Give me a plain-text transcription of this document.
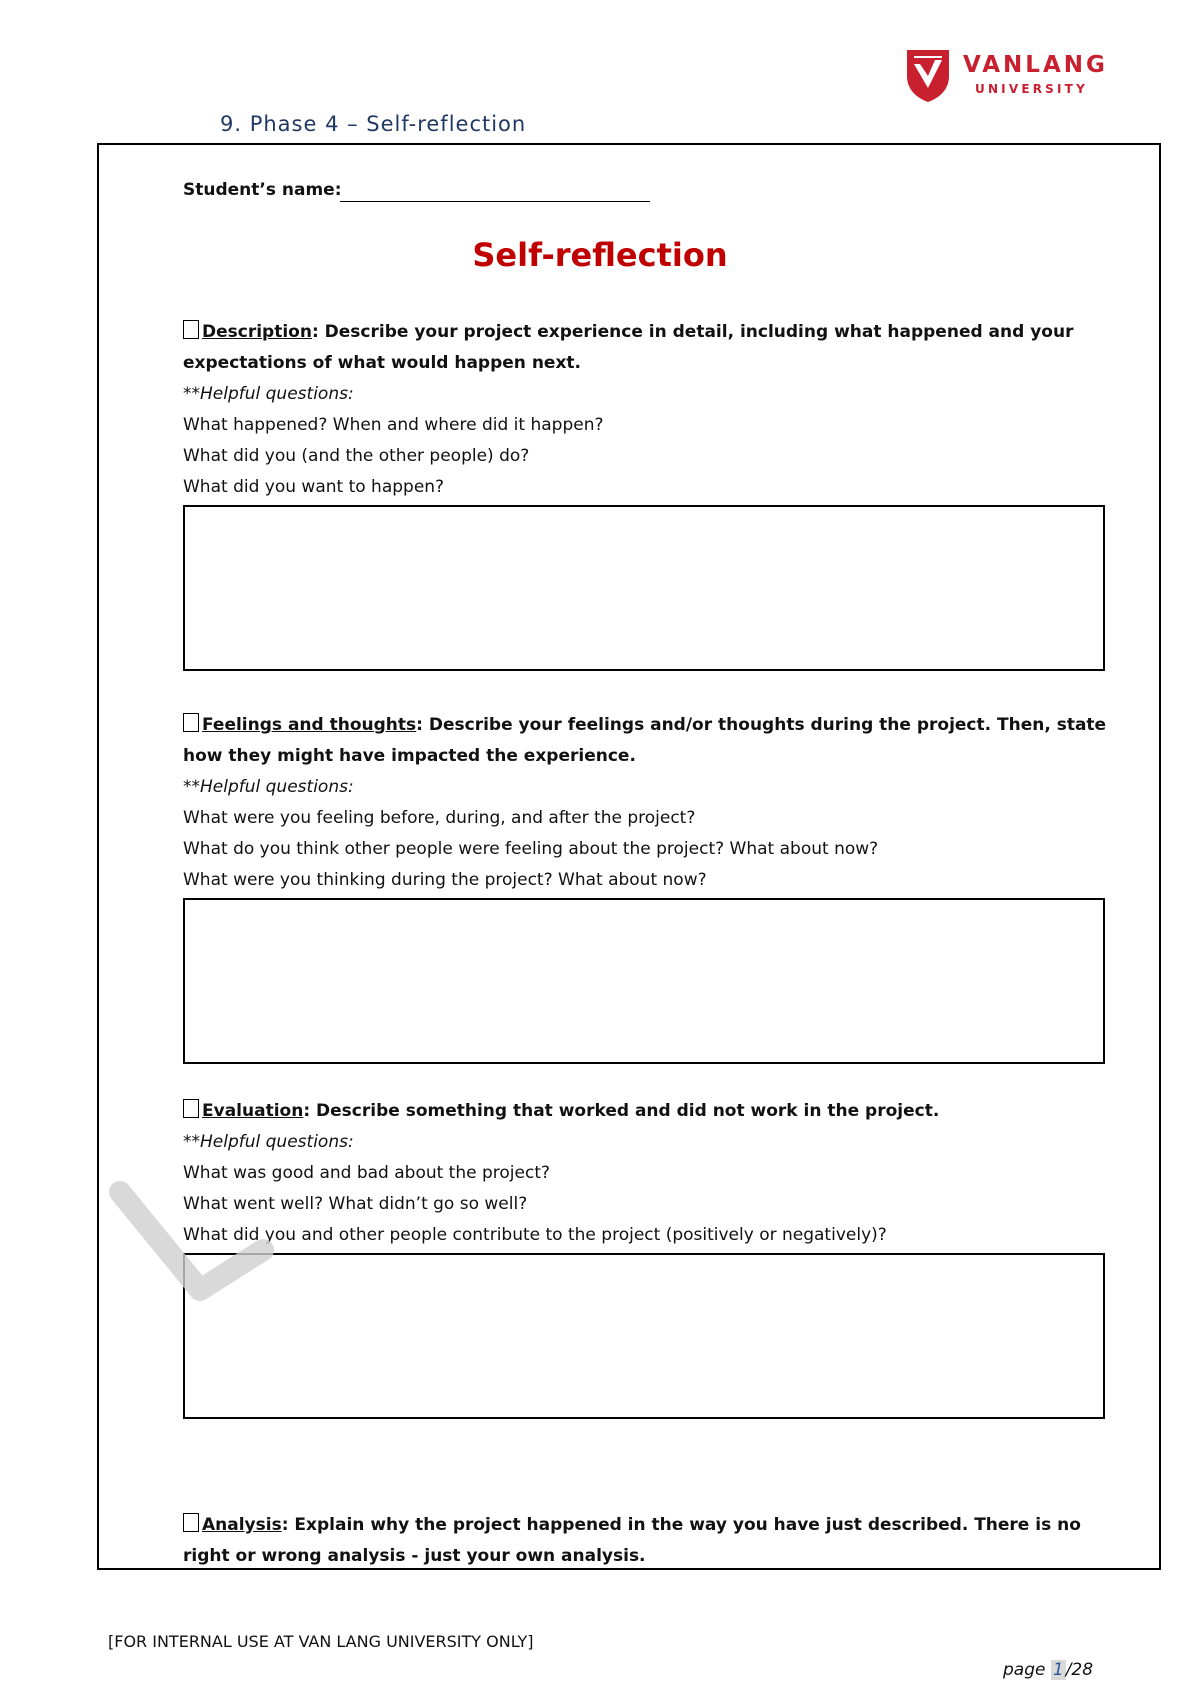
VANLANG
UNIVERSITY
9. Phase 4 – Self-reflection
Student’s name:
Self-reflection
Description: Describe your project experience in detail, including what happened and your expectations of what would happen next.
**Helpful questions:
What happened? When and where did it happen?
What did you (and the other people) do?
What did you want to happen?
Feelings and thoughts: Describe your feelings and/or thoughts during the project. Then, state how they might have impacted the experience.
**Helpful questions:
What were you feeling before, during, and after the project?
What do you think other people were feeling about the project? What about now?
What were you thinking during the project? What about now?
Evaluation: Describe something that worked and did not work in the project.
**Helpful questions:
What was good and bad about the project?
What went well? What didn’t go so well?
What did you and other people contribute to the project (positively or negatively)?
Analysis: Explain why the project happened in the way you have just described. There is no right or wrong analysis - just your own analysis.
[FOR INTERNAL USE AT VAN LANG UNIVERSITY ONLY]
page 1 /28
